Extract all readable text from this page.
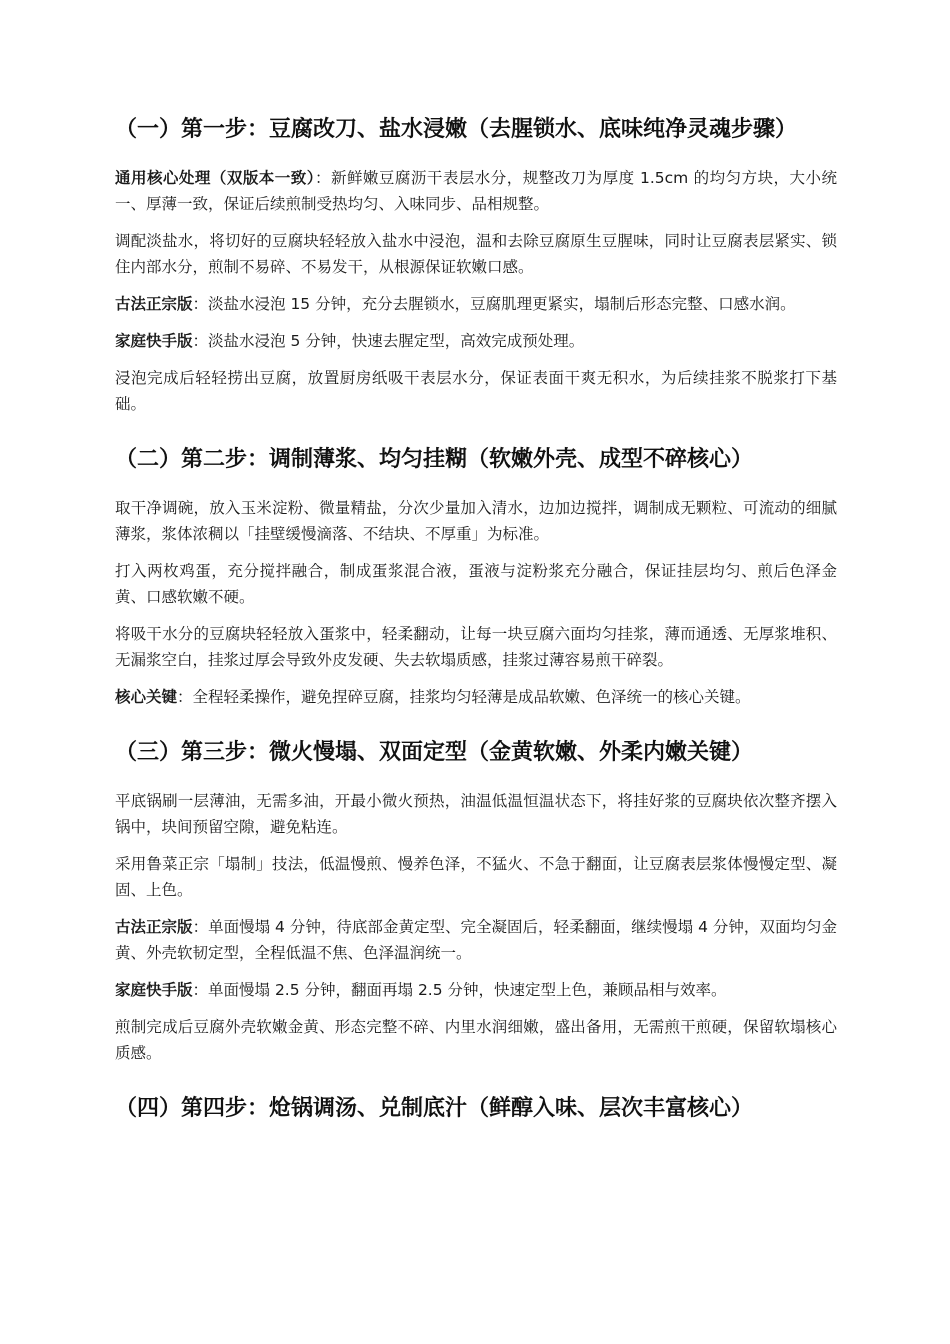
（一）第一步：豆腐改刀、盐水浸嫩（去腥锁水、底味纯净灵魂步骤）

通用核心处理（双版本一致）：新鲜嫩豆腐沥干表层水分，规整改刀为厚度 1.5cm 的均匀方块，大小统一、厚薄一致，保证后续煎制受热均匀、入味同步、品相规整。

调配淡盐水，将切好的豆腐块轻轻放入盐水中浸泡，温和去除豆腐原生豆腥味，同时让豆腐表层紧实、锁住内部水分，煎制不易碎、不易发干，从根源保证软嫩口感。

古法正宗版：淡盐水浸泡 15 分钟，充分去腥锁水，豆腐肌理更紧实，塌制后形态完整、口感水润。

家庭快手版：淡盐水浸泡 5 分钟，快速去腥定型，高效完成预处理。

浸泡完成后轻轻捞出豆腐，放置厨房纸吸干表层水分，保证表面干爽无积水，为后续挂浆不脱浆打下基础。

（二）第二步：调制薄浆、均匀挂糊（软嫩外壳、成型不碎核心）

取干净调碗，放入玉米淀粉、微量精盐，分次少量加入清水，边加边搅拌，调制成无颗粒、可流动的细腻薄浆，浆体浓稠以「挂壁缓慢滴落、不结块、不厚重」为标准。

打入两枚鸡蛋，充分搅拌融合，制成蛋浆混合液，蛋液与淀粉浆充分融合，保证挂层均匀、煎后色泽金黄、口感软嫩不硬。

将吸干水分的豆腐块轻轻放入蛋浆中，轻柔翻动，让每一块豆腐六面均匀挂浆，薄而通透、无厚浆堆积、无漏浆空白，挂浆过厚会导致外皮发硬、失去软塌质感，挂浆过薄容易煎干碎裂。

核心关键：全程轻柔操作，避免捏碎豆腐，挂浆均匀轻薄是成品软嫩、色泽统一的核心关键。

（三）第三步：微火慢塌、双面定型（金黄软嫩、外柔内嫩关键）

平底锅刷一层薄油，无需多油，开最小微火预热，油温低温恒温状态下，将挂好浆的豆腐块依次整齐摆入锅中，块间预留空隙，避免粘连。

采用鲁菜正宗「塌制」技法，低温慢煎、慢养色泽，不猛火、不急于翻面，让豆腐表层浆体慢慢定型、凝固、上色。

古法正宗版：单面慢塌 4 分钟，待底部金黄定型、完全凝固后，轻柔翻面，继续慢塌 4 分钟，双面均匀金黄、外壳软韧定型，全程低温不焦、色泽温润统一。

家庭快手版：单面慢塌 2.5 分钟，翻面再塌 2.5 分钟，快速定型上色，兼顾品相与效率。

煎制完成后豆腐外壳软嫩金黄、形态完整不碎、内里水润细嫩，盛出备用，无需煎干煎硬，保留软塌核心质感。

（四）第四步：炝锅调汤、兑制底汁（鲜醇入味、层次丰富核心）
